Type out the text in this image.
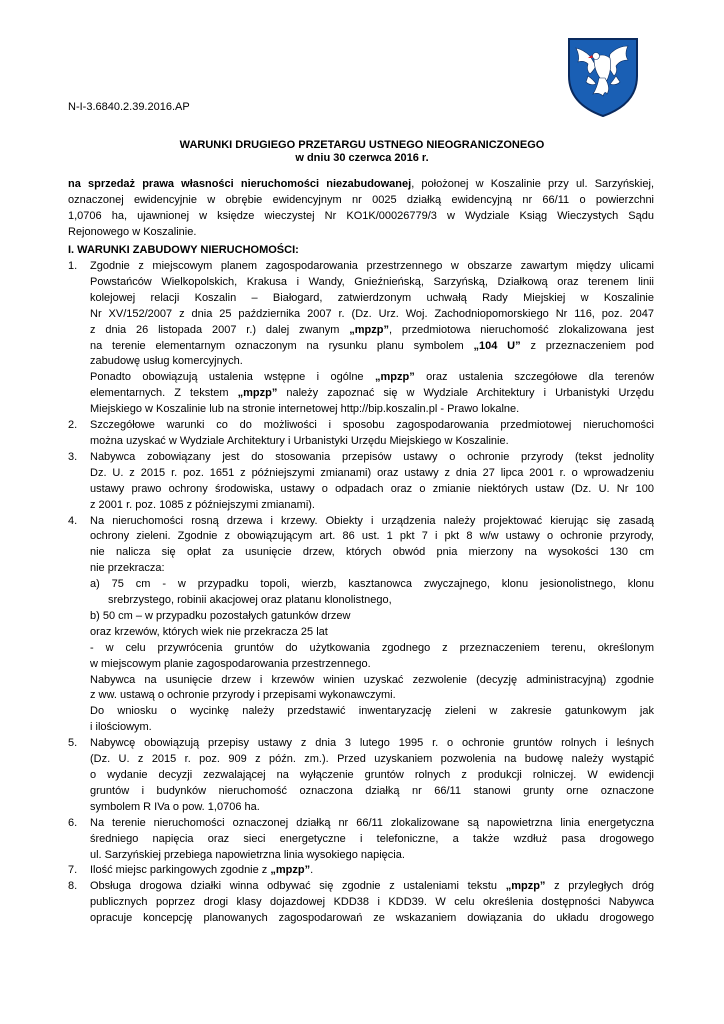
N-I-3.6840.2.39.2016.AP
WARUNKI DRUGIEGO PRZETARGU USTNEGO NIEOGRANICZONEGO
w dniu 30 czerwca 2016 r.
na sprzedaż prawa własności nieruchomości niezabudowanej, położonej w Koszalinie przy ul. Sarzyńskiej,
oznaczonej ewidencyjnie w obrębie ewidencyjnym nr 0025 działką ewidencyjną nr 66/11 o powierzchni
1,0706 ha, ujawnionej w księdze wieczystej Nr KO1K/00026779/3 w Wydziale Ksiąg Wieczystych Sądu
Rejonowego w Koszalinie.
I. WARUNKI ZABUDOWY NIERUCHOMOŚCI:
1.	Zgodnie z miejscowym planem zagospodarowania przestrzennego w obszarze zawartym między ulicami
Powstańców Wielkopolskich, Krakusa i Wandy, Gnieźnieńską, Sarzyńską, Działkową oraz terenem linii
kolejowej relacji Koszalin – Białogard, zatwierdzonym uchwałą Rady Miejskiej w Koszalinie
Nr XV/152/2007 z dnia 25 października 2007 r. (Dz. Urz. Woj. Zachodniopomorskiego Nr 116, poz. 2047
z dnia 26 listopada 2007 r.) dalej zwanym „mpzp”, przedmiotowa nieruchomość zlokalizowana jest
na terenie elementarnym oznaczonym na rysunku planu symbolem „104 U” z przeznaczeniem pod
zabudowę usług komercyjnych.
Ponadto obowiązują ustalenia wstępne i ogólne „mpzp” oraz ustalenia szczegółowe dla terenów
elementarnych. Z tekstem „mpzp” należy zapoznać się w Wydziale Architektury i Urbanistyki Urzędu
Miejskiego w Koszalinie lub na stronie internetowej http://bip.koszalin.pl - Prawo lokalne.
2.	Szczegółowe warunki co do możliwości i sposobu zagospodarowania przedmiotowej nieruchomości
można uzyskać w Wydziale Architektury i Urbanistyki Urzędu Miejskiego w Koszalinie.
3.	Nabywca zobowiązany jest do stosowania przepisów ustawy o ochronie przyrody (tekst jednolity
Dz. U. z 2015 r. poz. 1651 z późniejszymi zmianami) oraz ustawy z dnia 27 lipca 2001 r. o wprowadzeniu
ustawy prawo ochrony środowiska, ustawy o odpadach oraz o zmianie niektórych ustaw (Dz. U. Nr 100
z 2001 r. poz. 1085 z późniejszymi zmianami).
4.	Na nieruchomości rosną drzewa i krzewy. Obiekty i urządzenia należy projektować kierując się zasadą
ochrony zieleni. Zgodnie z obowiązującym art. 86 ust. 1 pkt 7 i pkt 8 w/w ustawy o ochronie przyrody,
nie nalicza się opłat za usunięcie drzew, których obwód pnia mierzony na wysokości 130 cm
nie przekracza:
a) 75 cm - w przypadku topoli, wierzb, kasztanowca zwyczajnego, klonu jesionolistnego, klonu
srebrzystego, robinii akacjowej oraz platanu klonolistnego,
b) 50 cm – w przypadku pozostałych gatunków drzew
oraz krzewów, których wiek nie przekracza 25 lat
- w celu przywrócenia gruntów do użytkowania zgodnego z przeznaczeniem terenu, określonym
w miejscowym planie zagospodarowania przestrzennego.
Nabywca na usunięcie drzew i krzewów winien uzyskać zezwolenie (decyzję administracyjną) zgodnie
z ww. ustawą o ochronie przyrody i przepisami wykonawczymi.
Do wniosku o wycinkę należy przedstawić inwentaryzację zieleni w zakresie gatunkowym jak
i ilościowym.
5.	Nabywcę obowiązują przepisy ustawy z dnia 3 lutego 1995 r. o ochronie gruntów rolnych i leśnych
(Dz. U. z 2015 r. poz. 909 z późn. zm.). Przed uzyskaniem pozwolenia na budowę należy wystąpić
o wydanie decyzji zezwalającej na wyłączenie gruntów rolnych z produkcji rolniczej. W ewidencji
gruntów i budynków nieruchomość oznaczona działką nr 66/11 stanowi grunty orne oznaczone
symbolem R IVa o pow. 1,0706 ha.
6.	Na terenie nieruchomości oznaczonej działką nr 66/11 zlokalizowane są napowietrzna linia energetyczna
średniego napięcia oraz sieci energetyczne i telefoniczne, a także wzdłuż pasa drogowego
ul. Sarzyńskiej przebiega napowietrzna linia wysokiego napięcia.
7.	Ilość miejsc parkingowych zgodnie z „mpzp”.
8.	Obsługa drogowa działki winna odbywać się zgodnie z ustaleniami tekstu „mpzp” z przyległych dróg
publicznych poprzez drogi klasy dojazdowej KDD38 i KDD39. W celu określenia dostępności Nabywca
opracuje koncepcję planowanych zagospodarowań ze wskazaniem dowiązania do układu drogowego
